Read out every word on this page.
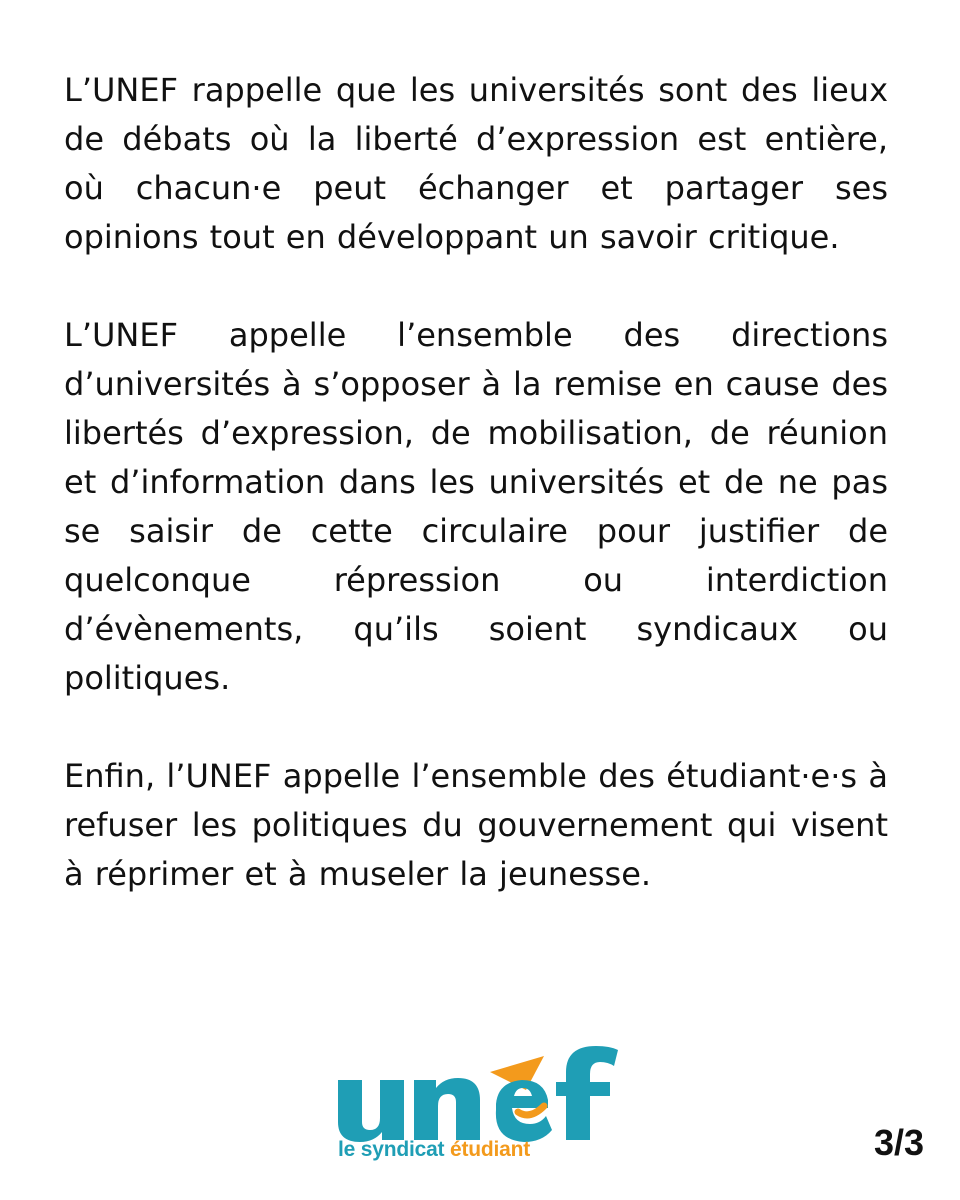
L’UNEF rappelle que les universités sont des lieux de débats où la liberté d’expression est entière, où chacun·e peut échanger et partager ses opinions tout en développant un savoir critique.

L’UNEF appelle l’ensemble des directions d’universités à s’opposer à la remise en cause des libertés d’expression, de mobilisation, de réunion et d’information dans les universités et de ne pas se saisir de cette circulaire pour justifier de quelconque répression ou interdiction d’évènements, qu’ils soient syndicaux ou politiques.

Enfin, l’UNEF appelle l’ensemble des étudiant·e·s à refuser les politiques du gouvernement qui visent à réprimer et à museler la jeunesse.

le syndicat étudiant	3/3
